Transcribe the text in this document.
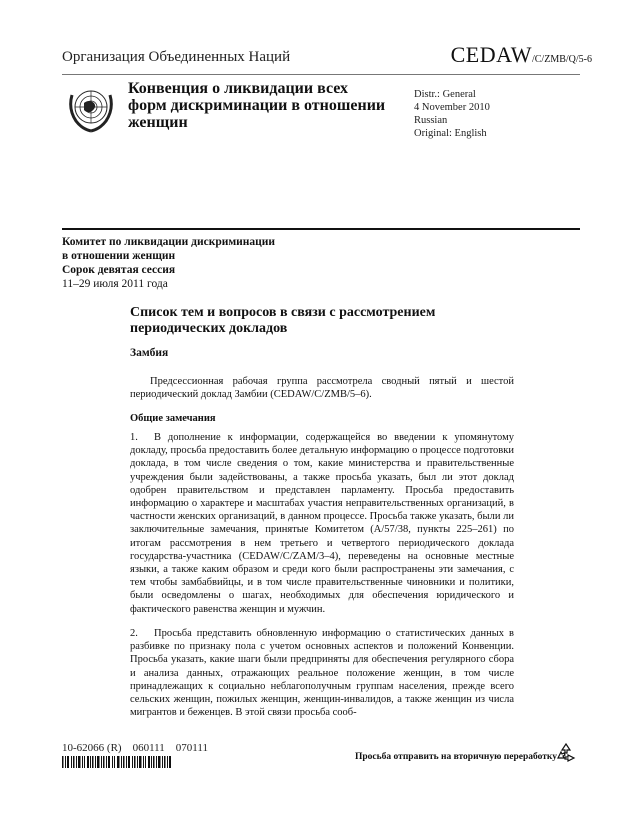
Организация Объединенных Наций	CEDAW/C/ZMB/Q/5-6
Конвенция о ликвидации всех форм дискриминации в отношении женщин
Distr.: General
4 November 2010
Russian
Original: English
Комитет по ликвидации дискриминации
в отношении женщин
Сорок девятая сессия
11–29 июля 2011 года
Список тем и вопросов в связи с рассмотрением периодических докладов
Замбия
Предсессионная рабочая группа рассмотрела сводный пятый и шестой периодический доклад Замбии (CEDAW/C/ZMB/5–6).
Общие замечания
1. В дополнение к информации, содержащейся во введении к упомянутому докладу, просьба предоставить более детальную информацию о процессе подготовки доклада, в том числе сведения о том, какие министерства и правительственные учреждения были задействованы, а также просьба указать, был ли этот доклад одобрен правительством и представлен парламенту. Просьба предоставить информацию о характере и масштабах участия неправительственных организаций, в частности женских организаций, в данном процессе. Просьба также указать, были ли заключительные замечания, принятые Комитетом (A/57/38, пункты 225–261) по итогам рассмотрения в нем третьего и четвертого периодического доклада государства-участника (CEDAW/C/ZAM/3–4), переведены на основные местные языки, а также каким образом и среди кого были распространены эти замечания, с тем чтобы замбабвийцы, и в том числе правительственные чиновники и политики, были осведомлены о шагах, необходимых для обеспечения юридического и фактического равенства женщин и мужчин.
2. Просьба представить обновленную информацию о статистических данных в разбивке по признаку пола с учетом основных аспектов и положений Конвенции. Просьба указать, какие шаги были предприняты для обеспечения регулярного сбора и анализа данных, отражающих реальное положение женщин, в том числе принадлежащих к социально неблагополучным группам населения, прежде всего сельских женщин, пожилых женщин, женщин-инвалидов, а также женщин из числа мигрантов и беженцев. В этой связи просьба сооб-
10-62066 (R)    060111    070111
Просьба отправить на вторичную переработку
